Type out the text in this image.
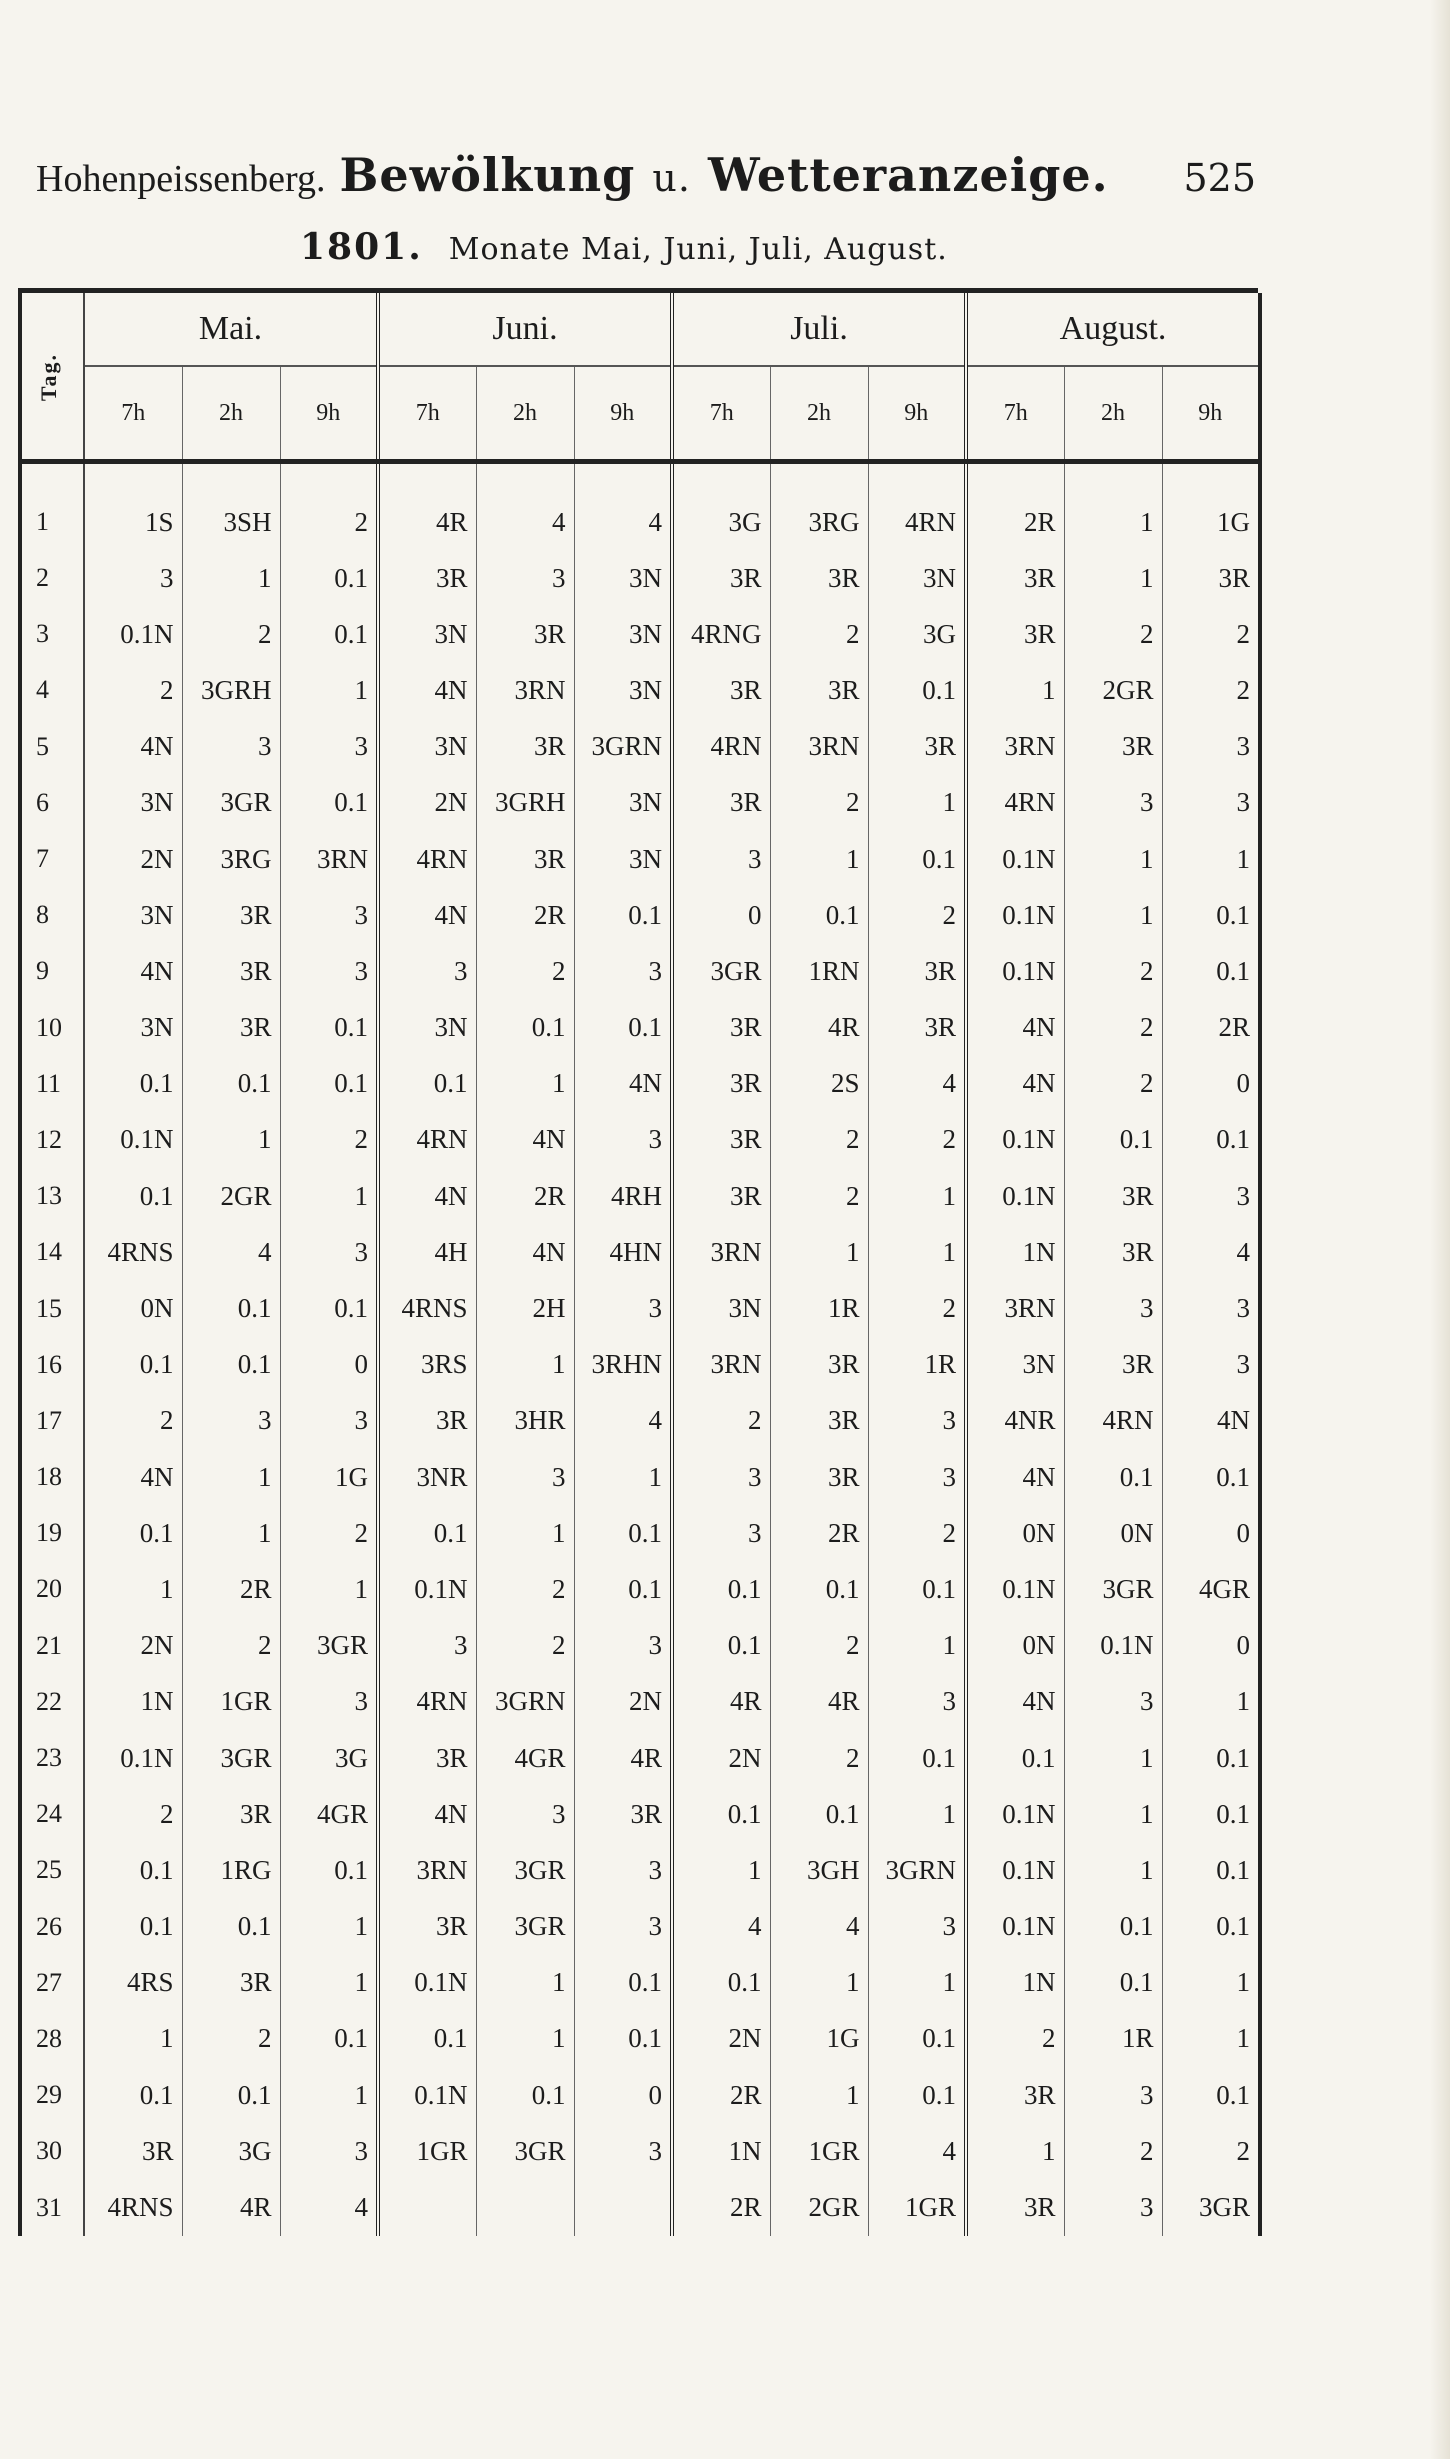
Hohenpeissenberg. Bewölkung u. Wetteranzeige. 525
1801. Monate Mai, Juni, Juli, August.
Tag.	Mai.			Juni.			Juli.			August.		
	7h	2h	9h	7h	2h	9h	7h	2h	9h	7h	2h	9h
1	1S	3SH	2	4R	4	4	3G	3RG	4RN	2R	1	1G
2	3	1	0.1	3R	3	3N	3R	3R	3N	3R	1	3R
3	0.1N	2	0.1	3N	3R	3N	4RNG	2	3G	3R	2	2
4	2	3GRH	1	4N	3RN	3N	3R	3R	0.1	1	2GR	2
5	4N	3	3	3N	3R	3GRN	4RN	3RN	3R	3RN	3R	3
6	3N	3GR	0.1	2N	3GRH	3N	3R	2	1	4RN	3	3
7	2N	3RG	3RN	4RN	3R	3N	3	1	0.1	0.1N	1	1
8	3N	3R	3	4N	2R	0.1	0	0.1	2	0.1N	1	0.1
9	4N	3R	3	3	2	3	3GR	1RN	3R	0.1N	2	0.1
10	3N	3R	0.1	3N	0.1	0.1	3R	4R	3R	4N	2	2R
11	0.1	0.1	0.1	0.1	1	4N	3R	2S	4	4N	2	0
12	0.1N	1	2	4RN	4N	3	3R	2	2	0.1N	0.1	0.1
13	0.1	2GR	1	4N	2R	4RH	3R	2	1	0.1N	3R	3
14	4RNS	4	3	4H	4N	4HN	3RN	1	1	1N	3R	4
15	0N	0.1	0.1	4RNS	2H	3	3N	1R	2	3RN	3	3
16	0.1	0.1	0	3RS	1	3RHN	3RN	3R	1R	3N	3R	3
17	2	3	3	3R	3HR	4	2	3R	3	4NR	4RN	4N
18	4N	1	1G	3NR	3	1	3	3R	3	4N	0.1	0.1
19	0.1	1	2	0.1	1	0.1	3	2R	2	0N	0N	0
20	1	2R	1	0.1N	2	0.1	0.1	0.1	0.1	0.1N	3GR	4GR
21	2N	2	3GR	3	2	3	0.1	2	1	0N	0.1N	0
22	1N	1GR	3	4RN	3GRN	2N	4R	4R	3	4N	3	1
23	0.1N	3GR	3G	3R	4GR	4R	2N	2	0.1	0.1	1	0.1
24	2	3R	4GR	4N	3	3R	0.1	0.1	1	0.1N	1	0.1
25	0.1	1RG	0.1	3RN	3GR	3	1	3GH	3GRN	0.1N	1	0.1
26	0.1	0.1	1	3R	3GR	3	4	4	3	0.1N	0.1	0.1
27	4RS	3R	1	0.1N	1	0.1	0.1	1	1	1N	0.1	1
28	1	2	0.1	0.1	1	0.1	2N	1G	0.1	2	1R	1
29	0.1	0.1	1	0.1N	0.1	0	2R	1	0.1	3R	3	0.1
30	3R	3G	3	1GR	3GR	3	1N	1GR	4	1	2	2
31	4RNS	4R	4				2R	2GR	1GR	3R	3	3GR
